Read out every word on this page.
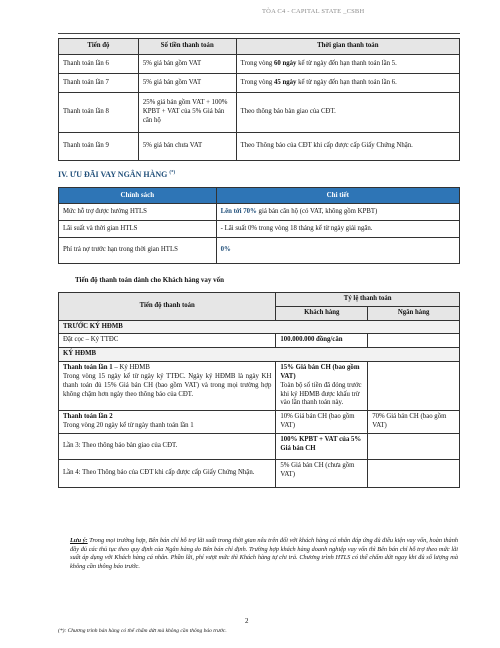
TÒA C4 - CAPITAL STATE _CSBH
Tiến độ	Số tiền thanh toán	Thời gian thanh toán
Thanh toán lần 6	5% giá bán gồm VAT	Trong vòng 60 ngày kể từ ngày đến hạn thanh toán lần 5.
Thanh toán lần 7	5% giá bán gồm VAT	Trong vòng 45 ngày kể từ ngày đến hạn thanh toán lần 6.
Thanh toán lần 8	25% giá bán gồm VAT + 100% KPBT + VAT của 5% Giá bán căn hộ	Theo thông báo bàn giao của CĐT.
Thanh toán lần 9	5% giá bán chưa VAT	Theo Thông báo của CĐT khi cấp được cấp Giấy Chứng Nhận.
IV. ƯU ĐÃI VAY NGÂN HÀNG (*)
Chính sách	Chi tiết
Mức hỗ trợ được hưởng HTLS	Lên tới 70% giá bán căn hộ (có VAT, không gồm KPBT)
Lãi suất và thời gian HTLS	- Lãi suất 0% trong vòng 18 tháng kể từ ngày giải ngân.
Phí trả nợ trước hạn trong thời gian HTLS	0%
Tiến độ thanh toán dành cho Khách hàng vay vốn
Tiến độ thanh toán	Tỷ lệ thanh toán	
	Khách hàng	Ngân hàng
TRƯỚC KÝ HĐMB		
Đặt cọc – Ký TTĐC	100.000.000 đồng/căn	
KÝ HĐMB		
Thanh toán lần 1 – Ký HĐMB
Trong vòng 15 ngày kể từ ngày ký TTĐC. Ngày ký HĐMB là ngày KH thanh toán đủ 15% Giá bán CH (bao gồm VAT) và trong mọi trường hợp không chậm hơn ngày theo thông báo của CĐT.	15% Giá bán CH (bao gồm VAT)
Toàn bộ số tiền đã đóng trước khi ký HĐMB được khấu trừ vào lần thanh toán này.	
Thanh toán lần 2
Trong vòng 20 ngày kể từ ngày thanh toán lần 1	10% Giá bán CH (bao gồm VAT)	70% Giá bán CH (bao gồm VAT)
Lần 3: Theo thông báo bàn giao của CĐT.	100% KPBT + VAT của 5% Giá bán CH	
Lần 4: Theo Thông báo của CĐT khi cấp được cấp Giấy Chứng Nhận.	5% Giá bán CH (chưa gồm VAT)	
Lưu ý: Trong mọi trường hợp, Bên bán chỉ hỗ trợ lãi suất trong thời gian nêu trên đối với khách hàng cá nhân đáp ứng đủ điều kiện vay vốn, hoàn thành đầy đủ các thủ tục theo quy định của Ngân hàng do Bên bán chỉ định. Trường hợp khách hàng doanh nghiệp vay vốn thì Bên bán chỉ hỗ trợ theo mức lãi suất áp dụng với Khách hàng cá nhân. Phần lãi, phí vượt mức thì Khách hàng tự chi trả. Chương trình HTLS có thể chấm dứt ngay khi đủ số lượng mà không cần thông báo trước.
2
(*): Chương trình bán hàng có thể chấm dứt mà không cần thông báo trước.
